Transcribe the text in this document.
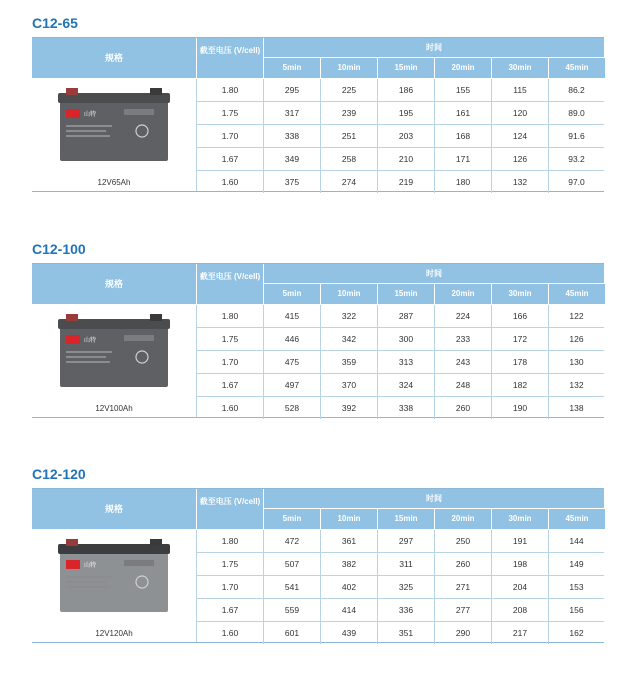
C12-65
规格
截至电压 (V/cell)	时间
5min	10min	15min	20min	30min	45min
山特
12V65Ah
1.80	295	225	186	155	115	86.2
1.75	317	239	195	161	120	89.0
1.70	338	251	203	168	124	91.6
1.67	349	258	210	171	126	93.2
1.60	375	274	219	180	132	97.0
C12-100
规格
截至电压 (V/cell)	时间
5min	10min	15min	20min	30min	45min
山特
12V100Ah
1.80	415	322	287	224	166	122
1.75	446	342	300	233	172	126
1.70	475	359	313	243	178	130
1.67	497	370	324	248	182	132
1.60	528	392	338	260	190	138
C12-120
规格
截至电压 (V/cell)	时间
5min	10min	15min	20min	30min	45min
山特
12V120Ah
1.80	472	361	297	250	191	144
1.75	507	382	311	260	198	149
1.70	541	402	325	271	204	153
1.67	559	414	336	277	208	156
1.60	601	439	351	290	217	162
